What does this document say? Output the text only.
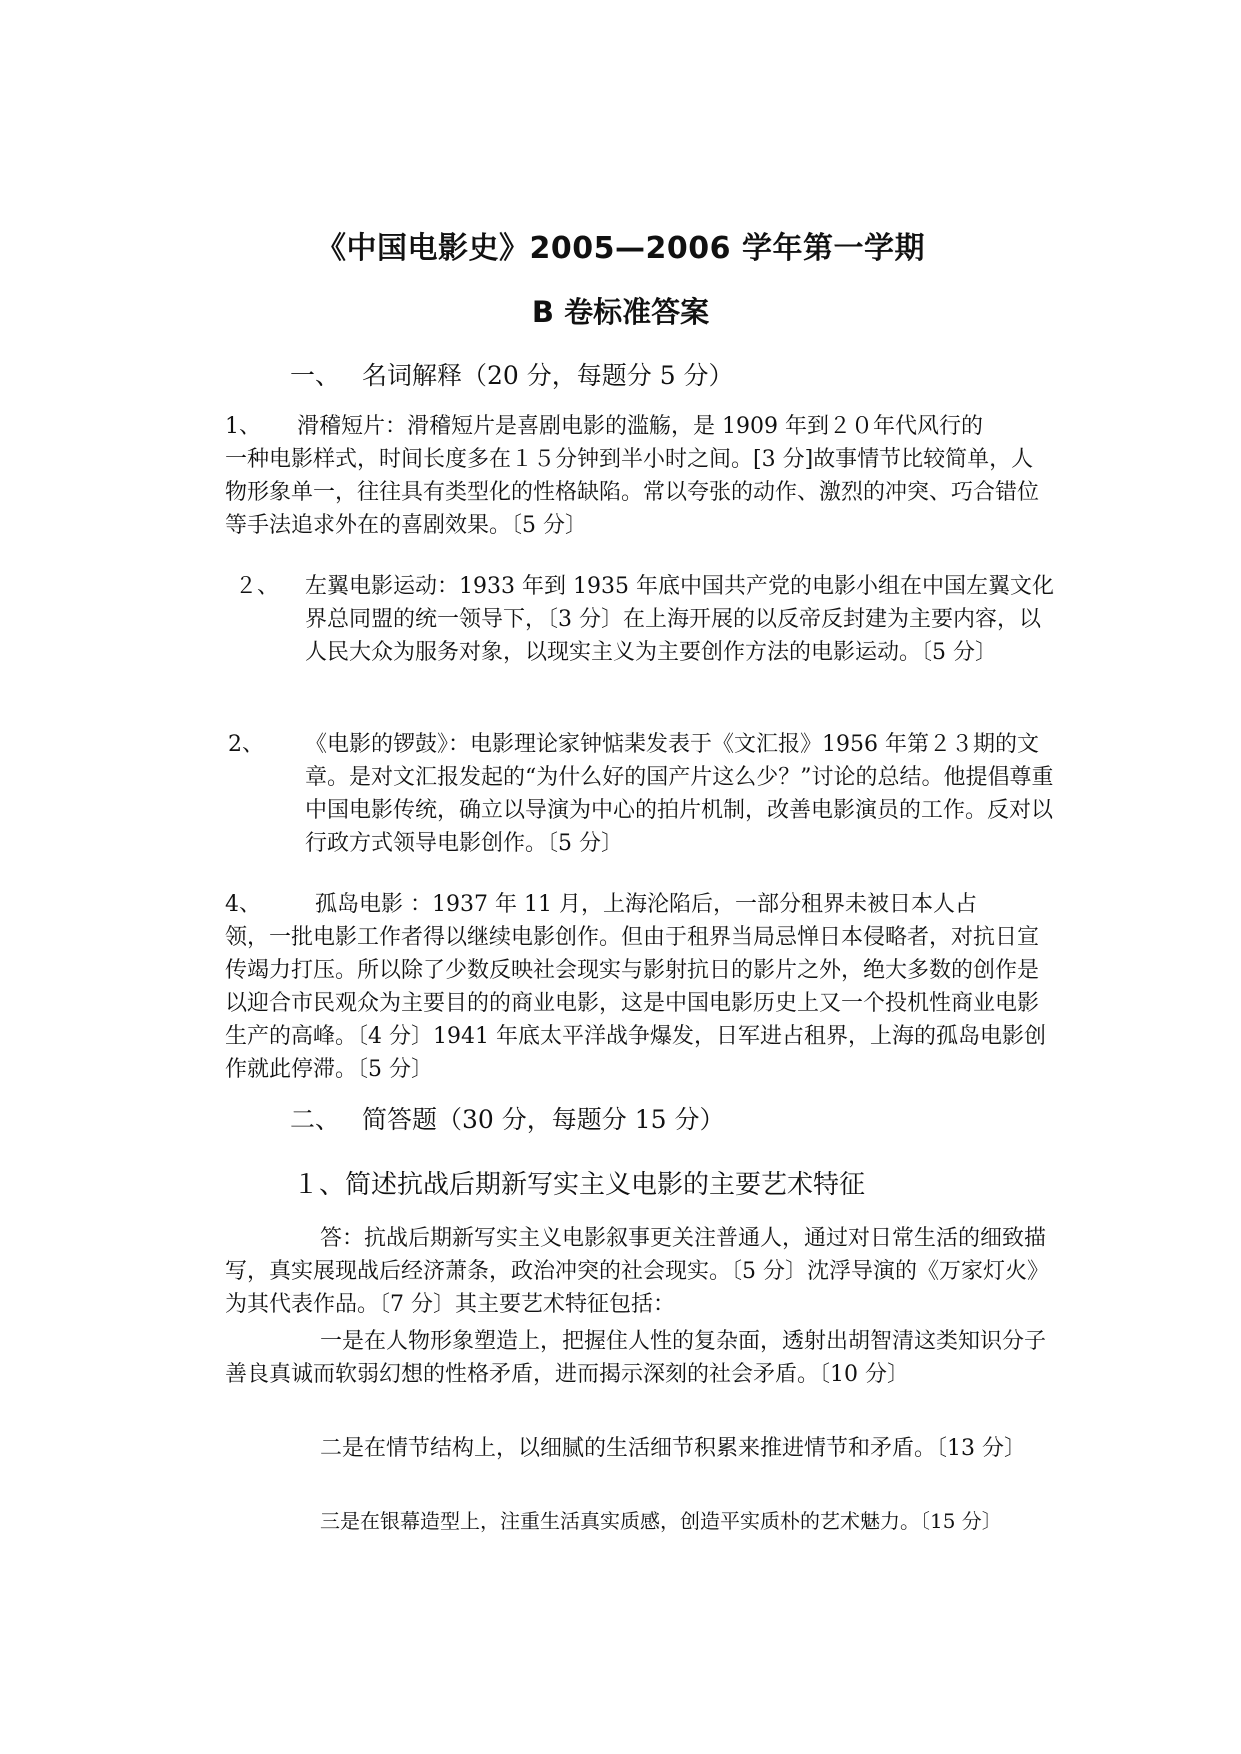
《中国电影史》2005—2006 学年第一学期
B 卷标准答案
一、 名词解释（20 分，每题分 5 分）
1、 滑稽短片：滑稽短片是喜剧电影的滥觞，是 1909 年到２０年代风行的

一种电影样式，时间长度多在１５分钟到半小时之间。[3 分]故事情节比较简单，人物形象单一，往往具有类型化的性格缺陷。常以夸张的动作、激烈的冲突、巧合错位等手法追求外在的喜剧效果。〔5 分〕

２、 左翼电影运动：1933 年到 1935 年底中国共产党的电影小组在中国左翼文化界总同盟的统一领导下，〔3 分〕在上海开展的以反帝反封建为主要内容，以人民大众为服务对象，以现实主义为主要创作方法的电影运动。〔5 分〕

2、 《电影的锣鼓》：电影理论家钟惦棐发表于《文汇报》1956 年第２３期的文章。是对文汇报发起的“为什么好的国产片这么少？”讨论的总结。他提倡尊重中国电影传统，确立以导演为中心的拍片机制，改善电影演员的工作。反对以行政方式领导电影创作。〔5 分〕

4、 孤岛电影 ：1937 年 11 月，上海沦陷后，一部分租界未被日本人占

领，一批电影工作者得以继续电影创作。但由于租界当局忌惮日本侵略者，对抗日宣传竭力打压。所以除了少数反映社会现实与影射抗日的影片之外，绝大多数的创作是以迎合市民观众为主要目的的商业电影，这是中国电影历史上又一个投机性商业电影生产的高峰。〔4 分〕1941 年底太平洋战争爆发，日军进占租界，上海的孤岛电影创作就此停滞。〔5 分〕

二、 简答题（30 分，每题分 15 分）
１、简述抗战后期新写实主义电影的主要艺术特征

答：抗战后期新写实主义电影叙事更关注普通人，通过对日常生活的细致描写，真实展现战后经济萧条，政治冲突的社会现实。〔5 分〕沈浮导演的《万家灯火》为其代表作品。〔7 分〕其主要艺术特征包括：

一是在人物形象塑造上，把握住人性的复杂面，透射出胡智清这类知识分子善良真诚而软弱幻想的性格矛盾，进而揭示深刻的社会矛盾。〔10 分〕

二是在情节结构上，以细腻的生活细节积累来推进情节和矛盾。〔13 分〕

三是在银幕造型上，注重生活真实质感，创造平实质朴的艺术魅力。〔15 分〕
